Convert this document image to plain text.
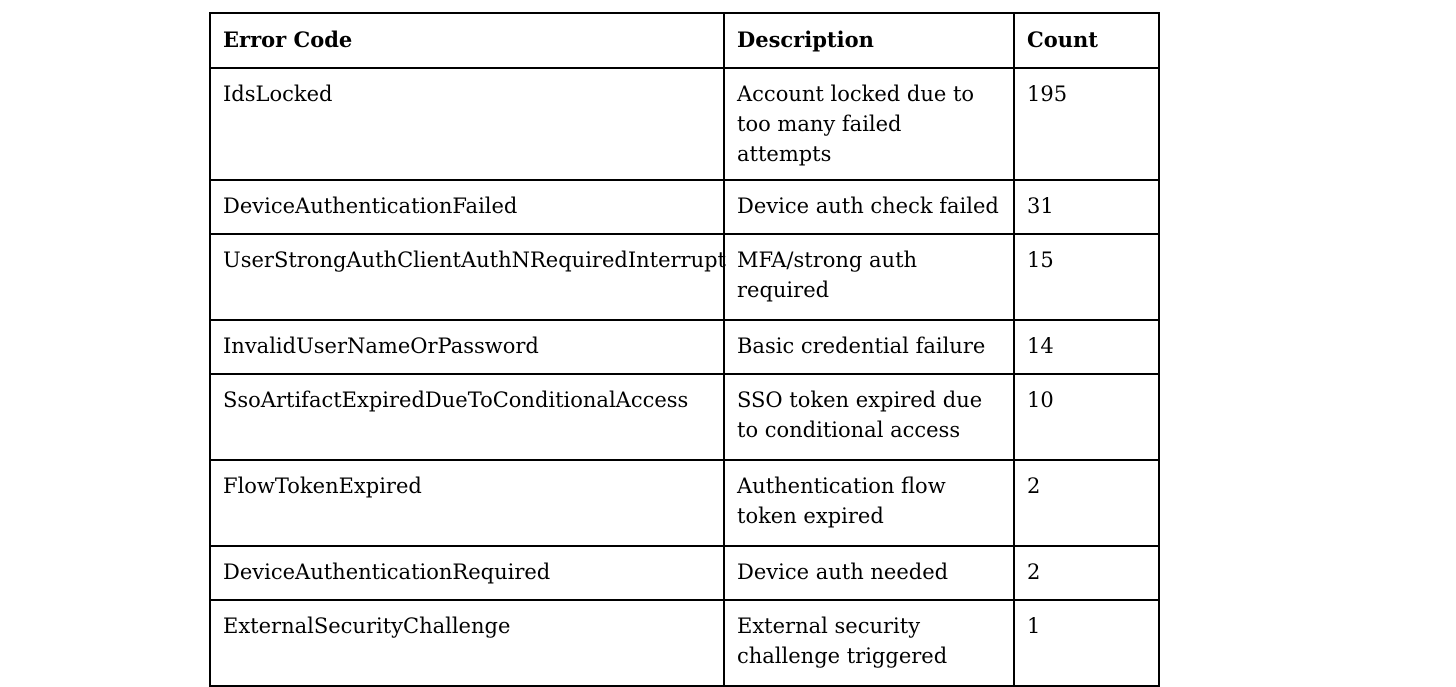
Error Code	Description	Count
IdsLocked	Account locked due to too many failed attempts	195
DeviceAuthenticationFailed	Device auth check failed	31
UserStrongAuthClientAuthNRequiredInterrupt	MFA/strong auth required	15
InvalidUserNameOrPassword	Basic credential failure	14
SsoArtifactExpiredDueToConditionalAccess	SSO token expired due to conditional access	10
FlowTokenExpired	Authentication flow token expired	2
DeviceAuthenticationRequired	Device auth needed	2
ExternalSecurityChallenge	External security challenge triggered	1
